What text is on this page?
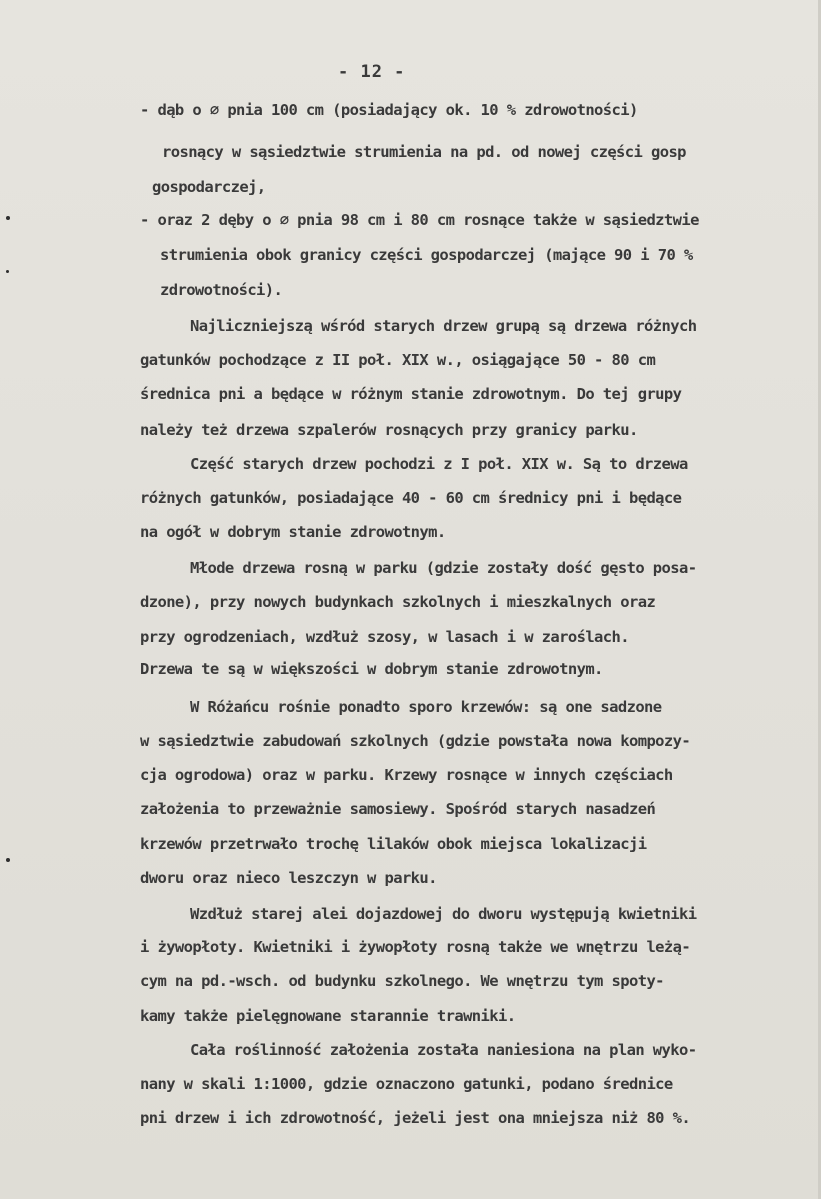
- 12 -
- dąb o ∅ pnia 100 cm (posiadający ok. 10 % zdrowotności)
rosnący w sąsiedztwie strumienia na pd. od nowej części gosp
gospodarczej,
- oraz 2 dęby o ∅ pnia 98 cm i 80 cm rosnące także w sąsiedztwie
strumienia obok granicy części gospodarczej (mające 90 i 70 %
zdrowotności).
Najliczniejszą wśród starych drzew grupą są drzewa różnych
gatunków pochodzące z II poł. XIX w., osiągające 50 - 80 cm
średnica pni a będące w różnym stanie zdrowotnym. Do tej grupy
należy też drzewa szpalerów rosnących przy granicy parku.
Część starych drzew pochodzi z I poł. XIX w. Są to drzewa
różnych gatunków, posiadające 40 - 60 cm średnicy pni i będące
na ogół w dobrym stanie zdrowotnym.
Młode drzewa rosną w parku (gdzie zostały dość gęsto posa-
dzone), przy nowych budynkach szkolnych i mieszkalnych oraz
przy ogrodzeniach, wzdłuż szosy, w lasach i w zaroślach.
Drzewa te są w większości w dobrym stanie zdrowotnym.
W Różańcu rośnie ponadto sporo krzewów: są one sadzone
w sąsiedztwie zabudowań szkolnych (gdzie powstała nowa kompozy-
cja ogrodowa) oraz w parku. Krzewy rosnące w innych częściach
założenia to przeważnie samosiewy. Spośród starych nasadzeń
krzewów przetrwało trochę lilaków obok miejsca lokalizacji
dworu oraz nieco leszczyn w parku.
Wzdłuż starej alei dojazdowej do dworu występują kwietniki
i żywopłoty. Kwietniki i żywopłoty rosną także we wnętrzu leżą-
cym na pd.-wsch. od budynku szkolnego. We wnętrzu tym spoty-
kamy także pielęgnowane starannie trawniki.
Cała roślinność założenia została naniesiona na plan wyko-
nany w skali 1:1000, gdzie oznaczono gatunki, podano średnice
pni drzew i ich zdrowotność, jeżeli jest ona mniejsza niż 80 %.
